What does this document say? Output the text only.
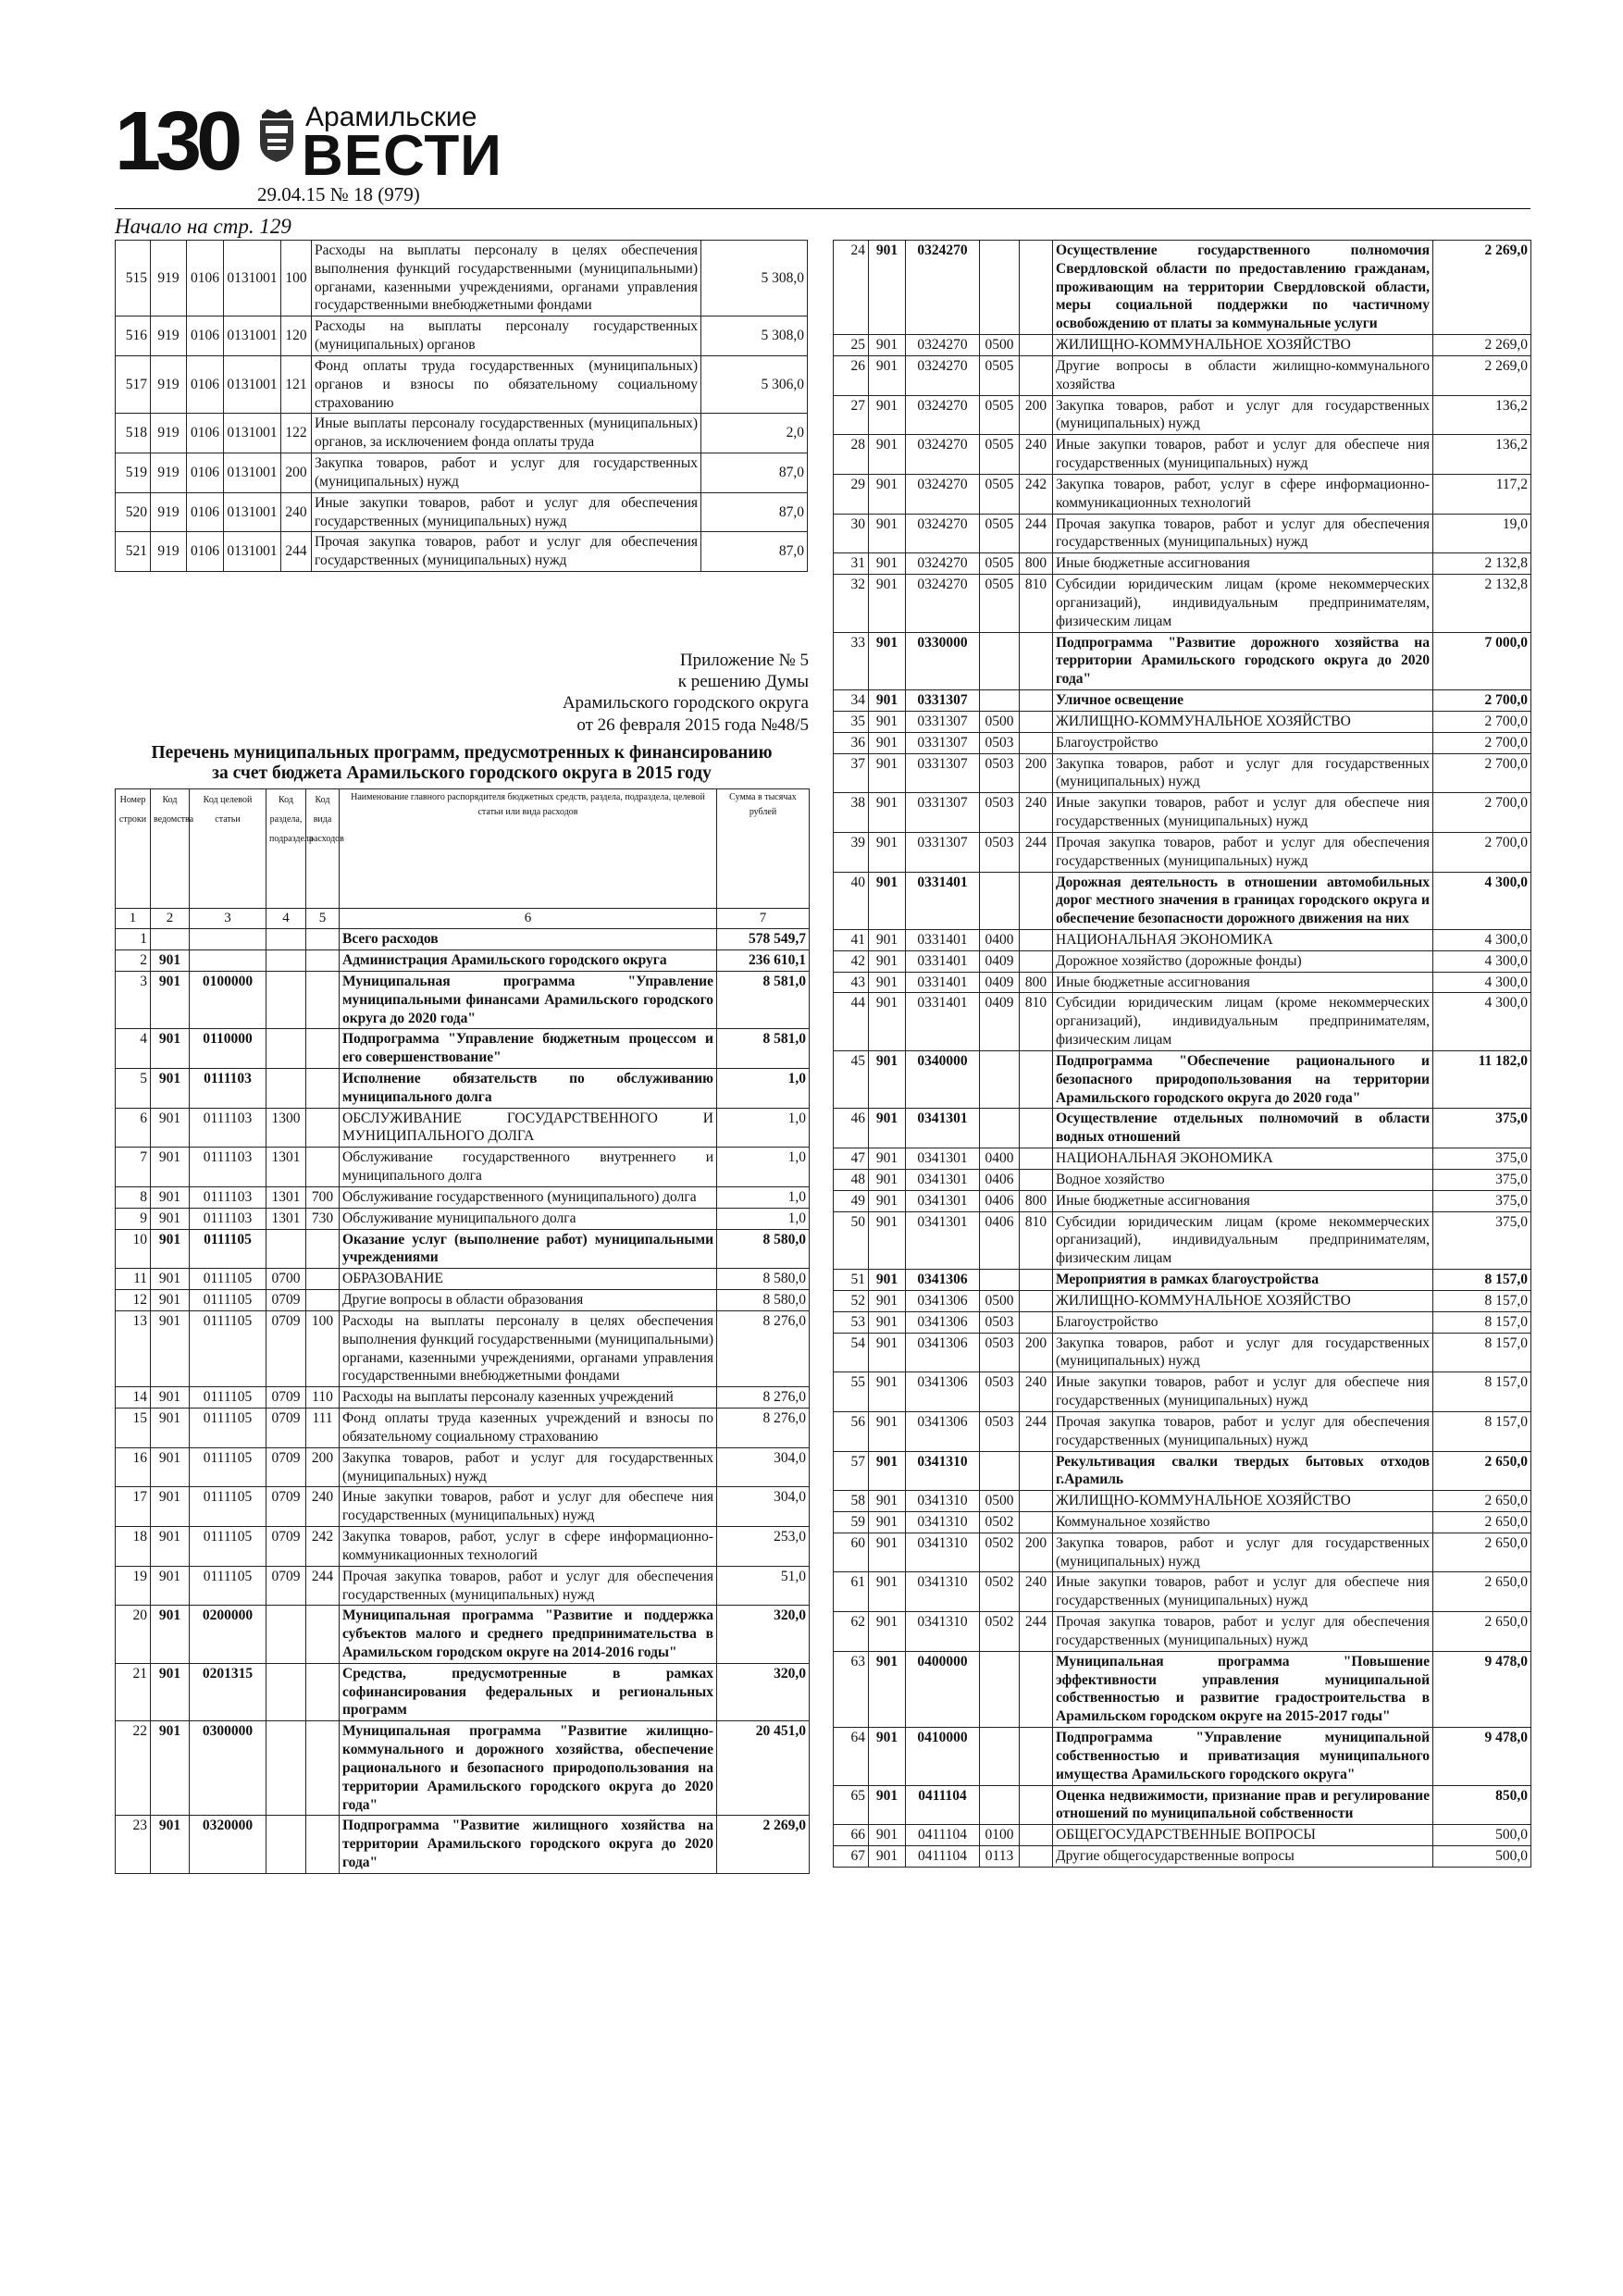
130 Арамильские
ВЕСТИ
29.04.15 № 18 (979)
Начало на стр. 129
515	919	0106	0131001	100	Расходы на выплаты персоналу в целях обеспечения выполнения функций государственными (муниципальными) органами, казенными учреждениями, органами управления государственными внебюджетными фондами	5 308,0
516	919	0106	0131001	120	Расходы на выплаты персоналу государственных (муниципальных) органов	5 308,0
517	919	0106	0131001	121	Фонд оплаты труда государственных (муниципальных) органов и взносы по обязательному социальному страхованию	5 306,0
518	919	0106	0131001	122	Иные выплаты персоналу государственных (муниципальных) органов, за исключением фонда оплаты труда	2,0
519	919	0106	0131001	200	Закупка товаров, работ и услуг для государственных (муниципальных) нужд	87,0
520	919	0106	0131001	240	Иные закупки товаров, работ и услуг для обеспечения государственных (муниципальных) нужд	87,0
521	919	0106	0131001	244	Прочая закупка товаров, работ и услуг для обеспечения государственных (муниципальных) нужд	87,0
Приложение № 5
к решению Думы
Арамильского городского округа
от 26 февраля 2015 года №48/5
Перечень муниципальных программ, предусмотренных к финансированию
за счет бюджета Арамильского городского округа в 2015 году
Номер строки	Код ведомства	Код целевой статьи	Код раздела, подраздела	Код вида расходов	Наименование главного распорядителя бюджетных средств, раздела, подраздела, целевой статьи или вида расходов	Сумма в тысячах рублей
1	2	3	4	5	6	7
1					Всего расходов	578 549,7
2	901				Администрация Арамильского городского округа	236 610,1
3	901	0100000			Муниципальная программа "Управление муниципальными финансами Арамильского городского округа до 2020 года"	8 581,0
4	901	0110000			Подпрограмма "Управление бюджетным процессом и его совершенствование"	8 581,0
5	901	0111103			Исполнение обязательств по обслуживанию муниципального долга	1,0
6	901	0111103	1300		ОБСЛУЖИВАНИЕ ГОСУДАРСТВЕННОГО И МУНИЦИПАЛЬНОГО ДОЛГА	1,0
7	901	0111103	1301		Обслуживание государственного внутреннего и муниципального долга	1,0
8	901	0111103	1301	700	Обслуживание государственного (муниципального) долга	1,0
9	901	0111103	1301	730	Обслуживание муниципального долга	1,0
10	901	0111105			Оказание услуг (выполнение работ) муниципальными учреждениями	8 580,0
11	901	0111105	0700		ОБРАЗОВАНИЕ	8 580,0
12	901	0111105	0709		Другие вопросы в области образования	8 580,0
13	901	0111105	0709	100	Расходы на выплаты персоналу в целях обеспечения выполнения функций государственными (муниципальными) органами, казенными учреждениями, органами управления государственными внебюджетными фондами	8 276,0
14	901	0111105	0709	110	Расходы на выплаты персоналу казенных учреждений	8 276,0
15	901	0111105	0709	111	Фонд оплаты труда казенных учреждений и взносы по обязательному социальному страхованию	8 276,0
16	901	0111105	0709	200	Закупка товаров, работ и услуг для государственных (муниципальных) нужд	304,0
17	901	0111105	0709	240	Иные закупки товаров, работ и услуг для обеспече ния государственных (муниципальных) нужд	304,0
18	901	0111105	0709	242	Закупка товаров, работ, услуг в сфере информационно-коммуникационных технологий	253,0
19	901	0111105	0709	244	Прочая закупка товаров, работ и услуг для обеспечения государственных (муниципальных) нужд	51,0
20	901	0200000			Муниципальная программа "Развитие и поддержка субъектов малого и среднего предпринимательства в Арамильском городском округе на 2014-2016 годы"	320,0
21	901	0201315			Средства, предусмотренные в рамках софинансирования федеральных и региональных программ	320,0
22	901	0300000			Муниципальная программа "Развитие жилищно-коммунального и дорожного хозяйства, обеспечение рационального и безопасного природопользования на территории Арамильского городского округа до 2020 года"	20 451,0
23	901	0320000			Подпрограмма "Развитие жилищного хозяйства на территории Арамильского городского округа до 2020 года"	2 269,0
24	901	0324270			Осуществление государственного полномочия Свердловской области по предоставлению гражданам, проживающим на территории Свердловской области, меры социальной поддержки по частичному освобождению от платы за коммунальные услуги	2 269,0
25	901	0324270	0500		ЖИЛИЩНО-КОММУНАЛЬНОЕ ХОЗЯЙСТВО	2 269,0
26	901	0324270	0505		Другие вопросы в области жилищно-коммунального хозяйства	2 269,0
27	901	0324270	0505	200	Закупка товаров, работ и услуг для государственных (муниципальных) нужд	136,2
28	901	0324270	0505	240	Иные закупки товаров, работ и услуг для обеспече ния государственных (муниципальных) нужд	136,2
29	901	0324270	0505	242	Закупка товаров, работ, услуг в сфере информационно-коммуникационных технологий	117,2
30	901	0324270	0505	244	Прочая закупка товаров, работ и услуг для обеспечения государственных (муниципальных) нужд	19,0
31	901	0324270	0505	800	Иные бюджетные ассигнования	2 132,8
32	901	0324270	0505	810	Субсидии юридическим лицам (кроме некоммерческих организаций), индивидуальным предпринимателям, физическим лицам	2 132,8
33	901	0330000			Подпрограмма "Развитие дорожного хозяйства на территории Арамильского городского округа до 2020 года"	7 000,0
34	901	0331307			Уличное освещение	2 700,0
35	901	0331307	0500		ЖИЛИЩНО-КОММУНАЛЬНОЕ ХОЗЯЙСТВО	2 700,0
36	901	0331307	0503		Благоустройство	2 700,0
37	901	0331307	0503	200	Закупка товаров, работ и услуг для государственных (муниципальных) нужд	2 700,0
38	901	0331307	0503	240	Иные закупки товаров, работ и услуг для обеспече ния государственных (муниципальных) нужд	2 700,0
39	901	0331307	0503	244	Прочая закупка товаров, работ и услуг для обеспечения государственных (муниципальных) нужд	2 700,0
40	901	0331401			Дорожная деятельность в отношении автомобильных дорог местного значения в границах городского округа и обеспечение безопасности дорожного движения на них	4 300,0
41	901	0331401	0400		НАЦИОНАЛЬНАЯ ЭКОНОМИКА	4 300,0
42	901	0331401	0409		Дорожное хозяйство (дорожные фонды)	4 300,0
43	901	0331401	0409	800	Иные бюджетные ассигнования	4 300,0
44	901	0331401	0409	810	Субсидии юридическим лицам (кроме некоммерческих организаций), индивидуальным предпринимателям, физическим лицам	4 300,0
45	901	0340000			Подпрограмма "Обеспечение рационального и безопасного природопользования на территории Арамильского городского округа до 2020 года"	11 182,0
46	901	0341301			Осуществление отдельных полномочий в области водных отношений	375,0
47	901	0341301	0400		НАЦИОНАЛЬНАЯ ЭКОНОМИКА	375,0
48	901	0341301	0406		Водное хозяйство	375,0
49	901	0341301	0406	800	Иные бюджетные ассигнования	375,0
50	901	0341301	0406	810	Субсидии юридическим лицам (кроме некоммерческих организаций), индивидуальным предпринимателям, физическим лицам	375,0
51	901	0341306			Мероприятия в рамках благоустройства	8 157,0
52	901	0341306	0500		ЖИЛИЩНО-КОММУНАЛЬНОЕ ХОЗЯЙСТВО	8 157,0
53	901	0341306	0503		Благоустройство	8 157,0
54	901	0341306	0503	200	Закупка товаров, работ и услуг для государственных (муниципальных) нужд	8 157,0
55	901	0341306	0503	240	Иные закупки товаров, работ и услуг для обеспече ния государственных (муниципальных) нужд	8 157,0
56	901	0341306	0503	244	Прочая закупка товаров, работ и услуг для обеспечения государственных (муниципальных) нужд	8 157,0
57	901	0341310			Рекультивация свалки твердых бытовых отходов г.Арамиль	2 650,0
58	901	0341310	0500		ЖИЛИЩНО-КОММУНАЛЬНОЕ ХОЗЯЙСТВО	2 650,0
59	901	0341310	0502		Коммунальное хозяйство	2 650,0
60	901	0341310	0502	200	Закупка товаров, работ и услуг для государственных (муниципальных) нужд	2 650,0
61	901	0341310	0502	240	Иные закупки товаров, работ и услуг для обеспече ния государственных (муниципальных) нужд	2 650,0
62	901	0341310	0502	244	Прочая закупка товаров, работ и услуг для обеспечения государственных (муниципальных) нужд	2 650,0
63	901	0400000			Муниципальная программа "Повышение эффективности управления муниципальной собственностью и развитие градостроительства в Арамильском городском округе на 2015-2017 годы"	9 478,0
64	901	0410000			Подпрограмма "Управление муниципальной собственностью и приватизация муниципального имущества Арамильского городского округа"	9 478,0
65	901	0411104			Оценка недвижимости, признание прав и регулирование отношений по муниципальной собственности	850,0
66	901	0411104	0100		ОБЩЕГОСУДАРСТВЕННЫЕ ВОПРОСЫ	500,0
67	901	0411104	0113		Другие общегосударственные вопросы	500,0
